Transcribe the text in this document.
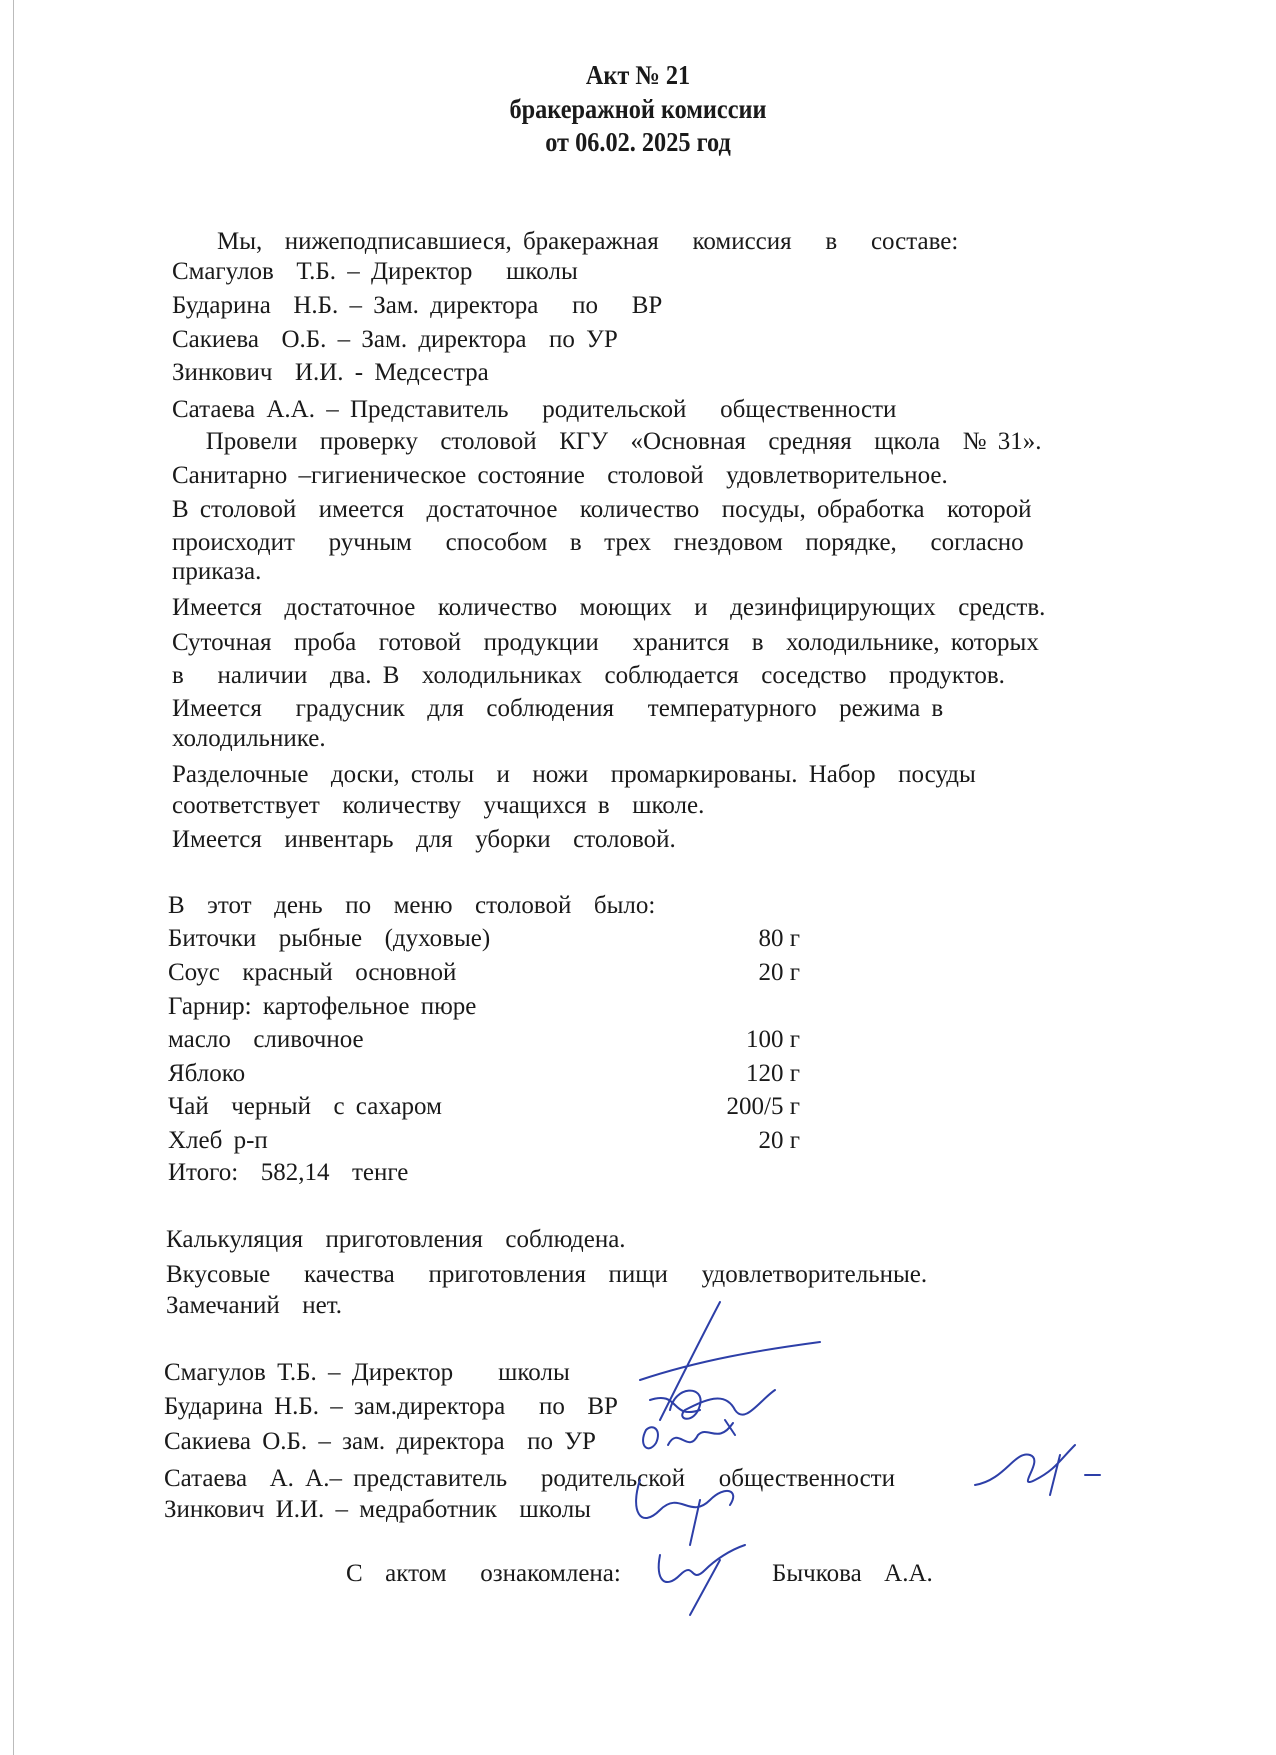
Акт № 21
бракеражной комиссии
от 06.02. 2025 год
Мы,  нижеподписавшиеся, бракеражная   комиссия   в   составе:
Смагулов  Т.Б. – Директор   школы
Бударина  Н.Б. – Зам. директора   по   ВР
Сакиева  О.Б. – Зам. директора  по УР
Зинкович  И.И. - Медсестра
Сатаева А.А. – Представитель   родительской   общественности
Провели  проверку  столовой  КГУ  «Основная  средняя  щкола  № 31».
Санитарно –гигиеническое состояние  столовой  удовлетворительное.
В столовой  имеется  достаточное  количество  посуды, обработка  которой
происходит   ручным   способом  в  трех  гнездовом  порядке,   согласно
приказа.
Имеется  достаточное  количество  моющих  и  дезинфицирующих  средств.
Суточная  проба  готовой  продукции   хранится  в  холодильнике, которых
в   наличии  два. В  холодильниках  соблюдается  соседство  продуктов.
Имеется   градусник  для  соблюдения   температурного  режима в
холодильнике.
Разделочные  доски, столы  и  ножи  промаркированы. Набор  посуды
соответствует  количеству  учащихся в  школе.
Имеется  инвентарь  для  уборки  столовой.
В  этот  день  по  меню  столовой  было:
Биточки  рыбные  (духовые)	80 г
Соус  красный  основной	20 г
Гарнир: картофельное пюре
масло  сливочное	100 г
Яблоко	120 г
Чай  черный  с сахаром	200/5 г
Хлеб р-п	20 г
Итого:  582,14  тенге
Калькуляция  приготовления  соблюдена.
Вкусовые   качества   приготовления  пищи   удовлетворительные.
Замечаний  нет.
Смагулов Т.Б. – Директор    школы
Бударина Н.Б. – зам.директора   по  ВР
Сакиева О.Б. – зам. директора  по УР
Сатаева  А. А.– представитель   родительской   общественности
Зинкович И.И. – медработник  школы
С  актом   ознакомлена:	Бычкова  А.А.
